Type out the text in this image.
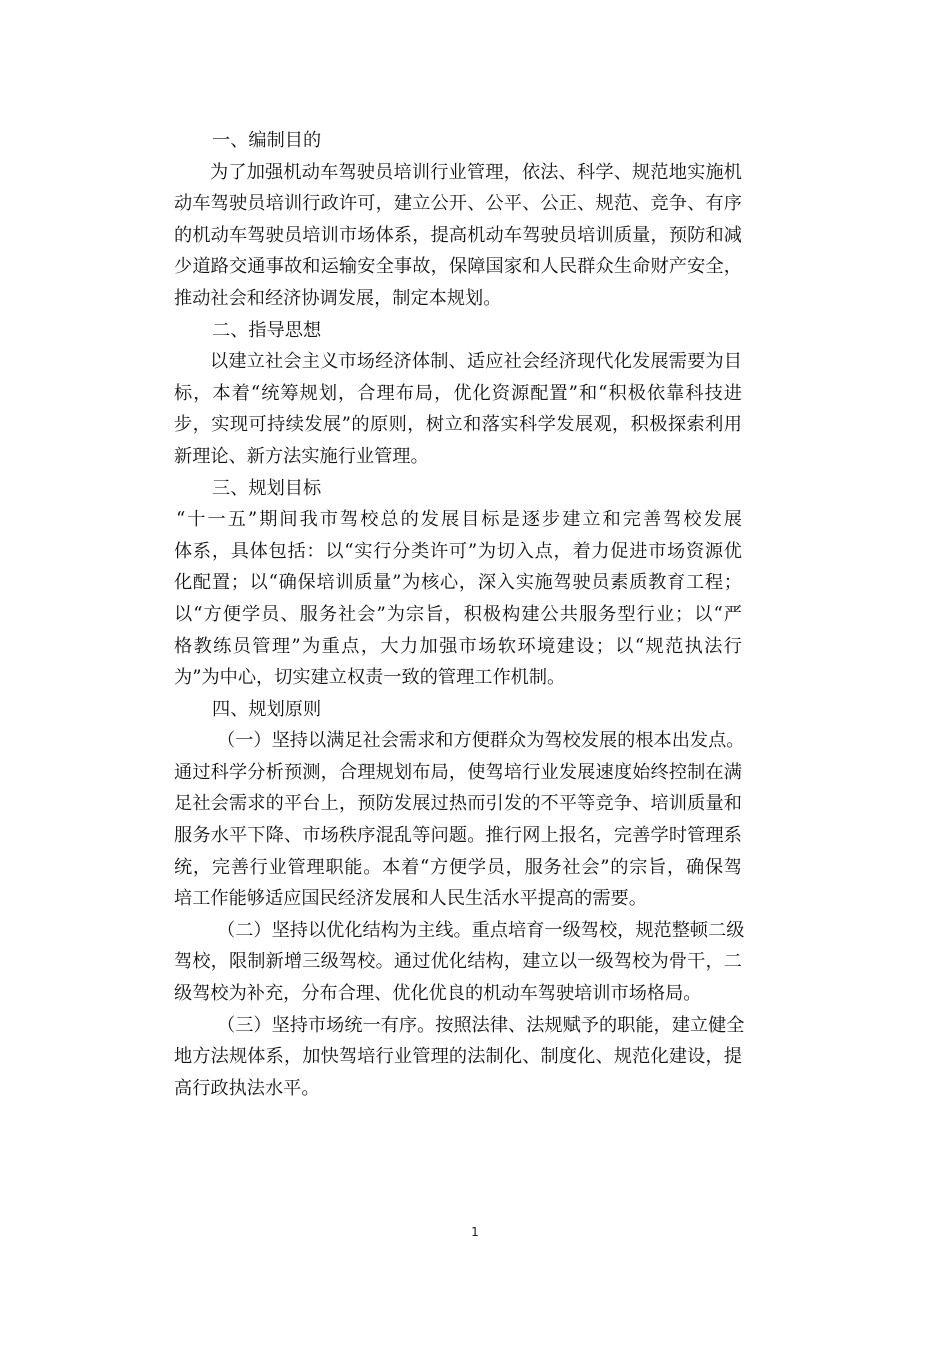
一、编制目的
为了加强机动车驾驶员培训行业管理，依法、科学、规范地实施机
动车驾驶员培训行政许可，建立公开、公平、公正、规范、竞争、有序
的机动车驾驶员培训市场体系，提高机动车驾驶员培训质量，预防和减
少道路交通事故和运输安全事故，保障国家和人民群众生命财产安全，
推动社会和经济协调发展，制定本规划。
二、指导思想
以建立社会主义市场经济体制、适应社会经济现代化发展需要为目
标，本着“统筹规划，合理布局，优化资源配置”和“积极依靠科技进
步，实现可持续发展”的原则，树立和落实科学发展观，积极探索利用
新理论、新方法实施行业管理。
三、规划目标
“十一五”期间我市驾校总的发展目标是逐步建立和完善驾校发展
体系，具体包括：以“实行分类许可”为切入点，着力促进市场资源优
化配置；以“确保培训质量”为核心，深入实施驾驶员素质教育工程；
以“方便学员、服务社会”为宗旨，积极构建公共服务型行业；以“严
格教练员管理”为重点，大力加强市场软环境建设；以“规范执法行
为”为中心，切实建立权责一致的管理工作机制。
四、规划原则
（一）坚持以满足社会需求和方便群众为驾校发展的根本出发点。
通过科学分析预测，合理规划布局，使驾培行业发展速度始终控制在满
足社会需求的平台上，预防发展过热而引发的不平等竞争、培训质量和
服务水平下降、市场秩序混乱等问题。推行网上报名，完善学时管理系
统，完善行业管理职能。本着“方便学员，服务社会”的宗旨，确保驾
培工作能够适应国民经济发展和人民生活水平提高的需要。
（二）坚持以优化结构为主线。重点培育一级驾校，规范整顿二级
驾校，限制新增三级驾校。通过优化结构，建立以一级驾校为骨干，二
级驾校为补充，分布合理、优化优良的机动车驾驶培训市场格局。
（三）坚持市场统一有序。按照法律、法规赋予的职能，建立健全
地方法规体系，加快驾培行业管理的法制化、制度化、规范化建设，提
高行政执法水平。
1
